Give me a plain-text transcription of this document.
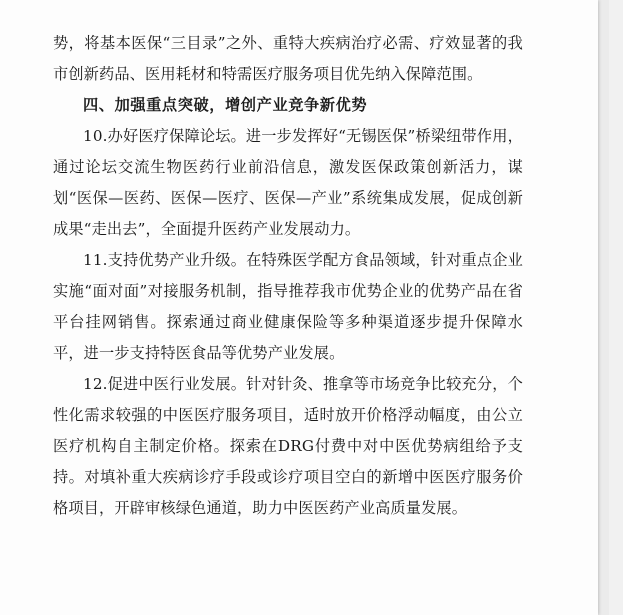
势，将基本医保“三目录”之外、重特大疾病治疗必需、疗效显著的我市创新药品、医用耗材和特需医疗服务项目优先纳入保障范围。

四、加强重点突破，增创产业竞争新优势

10.办好医疗保障论坛。进一步发挥好“无锡医保”桥梁纽带作用，通过论坛交流生物医药行业前沿信息，激发医保政策创新活力，谋划“医保—医药、医保—医疗、医保—产业”系统集成发展，促成创新成果“走出去”，全面提升医药产业发展动力。

11.支持优势产业升级。在特殊医学配方食品领域，针对重点企业实施“面对面”对接服务机制，指导推荐我市优势企业的优势产品在省平台挂网销售。探索通过商业健康保险等多种渠道逐步提升保障水平，进一步支持特医食品等优势产业发展。

12.促进中医行业发展。针对针灸、推拿等市场竞争比较充分，个性化需求较强的中医医疗服务项目，适时放开价格浮动幅度，由公立医疗机构自主制定价格。探索在DRG付费中对中医优势病组给予支持。对填补重大疾病诊疗手段或诊疗项目空白的新增中医医疗服务价格项目，开辟审核绿色通道，助力中医医药产业高质量发展。
